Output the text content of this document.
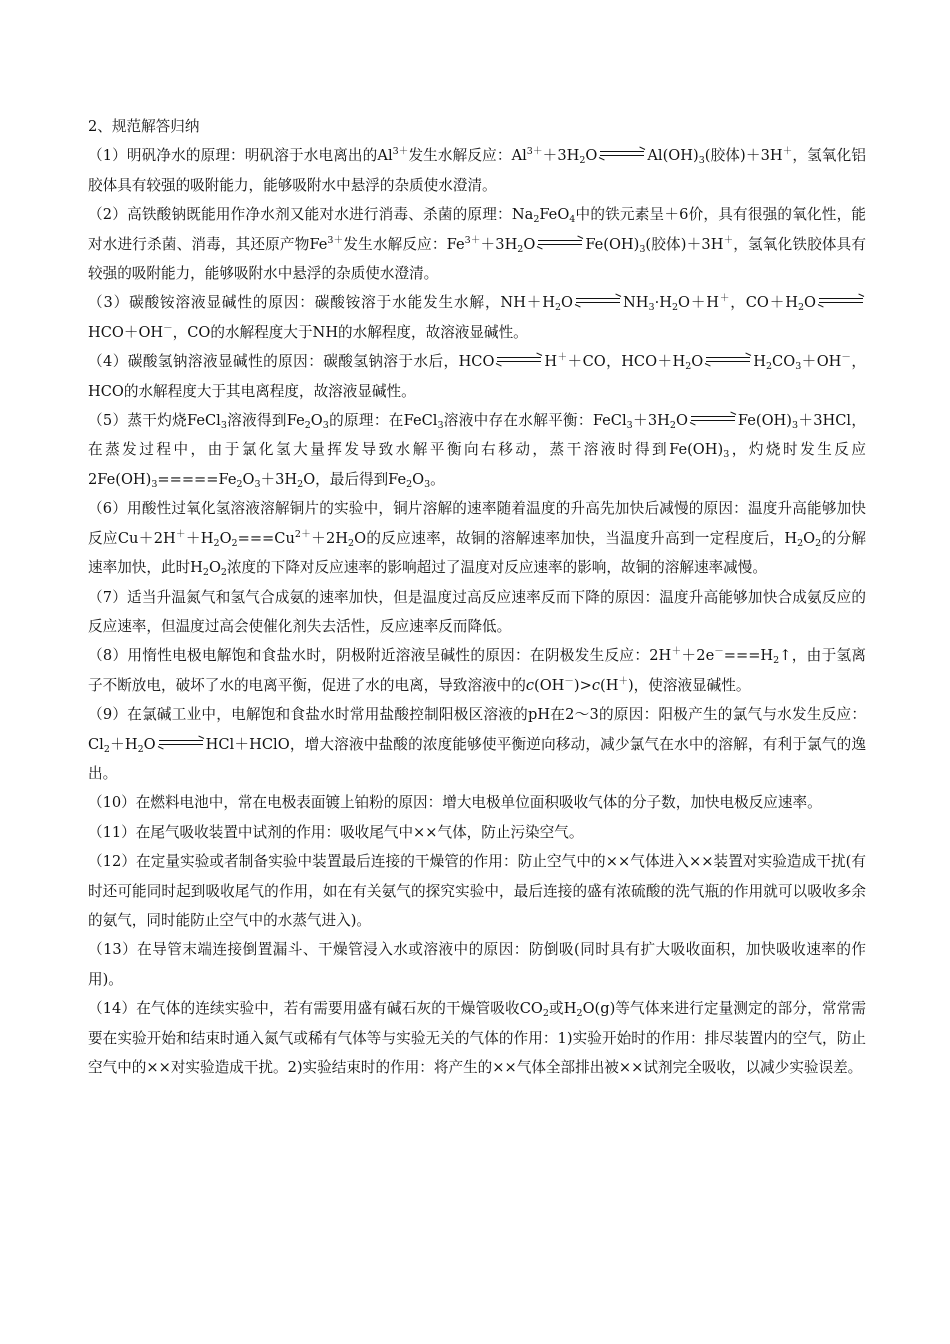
2、规范解答归纳

（1）明矾净水的原理：明矾溶于水电离出的$Al^{3+}$发生水解反应：$Al^{3+}+3H_2O$	$Al(OH)_3$(胶体)＋3H＋，氢氧化铝胶体具有较强的吸附能力，能够吸附水中悬浮的杂质使水澄清。

（2）高铁酸钠既能用作净水剂又能对水进行消毒、杀菌的原理：$Na_2FeO_4$中的铁元素呈＋6价，具有很强的氧化性，能对水进行杀菌、消毒，其还原产物$Fe^{3+}$发生水解反应：$Fe^{3+}+3H_2O$	$Fe(OH)_3$(胶体)＋3H＋，氢氧化铁胶体具有较强的吸附能力，能够吸附水中悬浮的杂质使水澄清。

（3）碳酸铵溶液显碱性的原因：碳酸铵溶于水能发生水解，$NH+H_2O$	$NH_3\cdot H_2O+H^+$，$CO+H_2O$
HCO＋OH－，CO的水解程度大于NH的水解程度，故溶液显碱性。

（4）碳酸氢钠溶液显碱性的原因：碳酸氢钠溶于水后，HCO	H＋＋CO，$HCO+H_2O$	$H_2CO_3+OH^-$，HCO的水解程度大于其电离程度，故溶液显碱性。

（5）蒸干灼烧FeCl$_3$溶液得到$Fe_2O_3$的原理：在FeCl$_3$溶液中存在水解平衡：$FeCl_3+3H_2O$	$Fe(OH)_3+3HCl$，在蒸发过程中，由于氯化氢大量挥发导致水解平衡向右移动，蒸干溶液时得到$Fe(OH)_3$，灼烧时发生反应$2Fe(OH)_3=====Fe_2O_3+3H_2O$，最后得到$Fe_2O_3$。

（6）用酸性过氧化氢溶液溶解铜片的实验中，铜片溶解的速率随着温度的升高先加快后减慢的原因：温度升高能够加快反应$Cu+2H^++H_2O_2===Cu^{2+}+2H_2O$的反应速率，故铜的溶解速率加快，当温度升高到一定程度后，$H_2O_2$的分解速率加快，此时$H_2O_2$浓度的下降对反应速率的影响超过了温度对反应速率的影响，故铜的溶解速率减慢。

（7）适当升温氮气和氢气合成氨的速率加快，但是温度过高反应速率反而下降的原因：温度升高能够加快合成氨反应的反应速率，但温度过高会使催化剂失去活性，反应速率反而降低。

（8）用惰性电极电解饱和食盐水时，阴极附近溶液呈碱性的原因：在阴极发生反应：$2H^++2e^-===H_2↑$，由于氢离子不断放电，破坏了水的电离平衡，促进了水的电离，导致溶液中的c(OH－)>c(H＋)，使溶液显碱性。

（9）在氯碱工业中，电解饱和食盐水时常用盐酸控制阳极区溶液的pH在2～3的原因：阳极产生的氯气与水发生反应：$Cl_2+H_2O$	HCl＋HClO，增大溶液中盐酸的浓度能够使平衡逆向移动，减少氯气在水中的溶解，有利于氯气的逸出。

（10）在燃料电池中，常在电极表面镀上铂粉的原因：增大电极单位面积吸收气体的分子数，加快电极反应速率。

（11）在尾气吸收装置中试剂的作用：吸收尾气中××气体，防止污染空气。

（12）在定量实验或者制备实验中装置最后连接的干燥管的作用：防止空气中的××气体进入××装置对实验造成干扰(有时还可能同时起到吸收尾气的作用，如在有关氨气的探究实验中，最后连接的盛有浓硫酸的洗气瓶的作用就可以吸收多余的氨气，同时能防止空气中的水蒸气进入)。

（13）在导管末端连接倒置漏斗、干燥管浸入水或溶液中的原因：防倒吸(同时具有扩大吸收面积，加快吸收速率的作用)。

（14）在气体的连续实验中，若有需要用盛有碱石灰的干燥管吸收$CO_2$或$H_2O(g)$等气体来进行定量测定的部分，常常需要在实验开始和结束时通入氮气或稀有气体等与实验无关的气体的作用：1)实验开始时的作用：排尽装置内的空气，防止空气中的××对实验造成干扰。2)实验结束时的作用：将产生的××气体全部排出被××试剂完全吸收，以减少实验误差。
